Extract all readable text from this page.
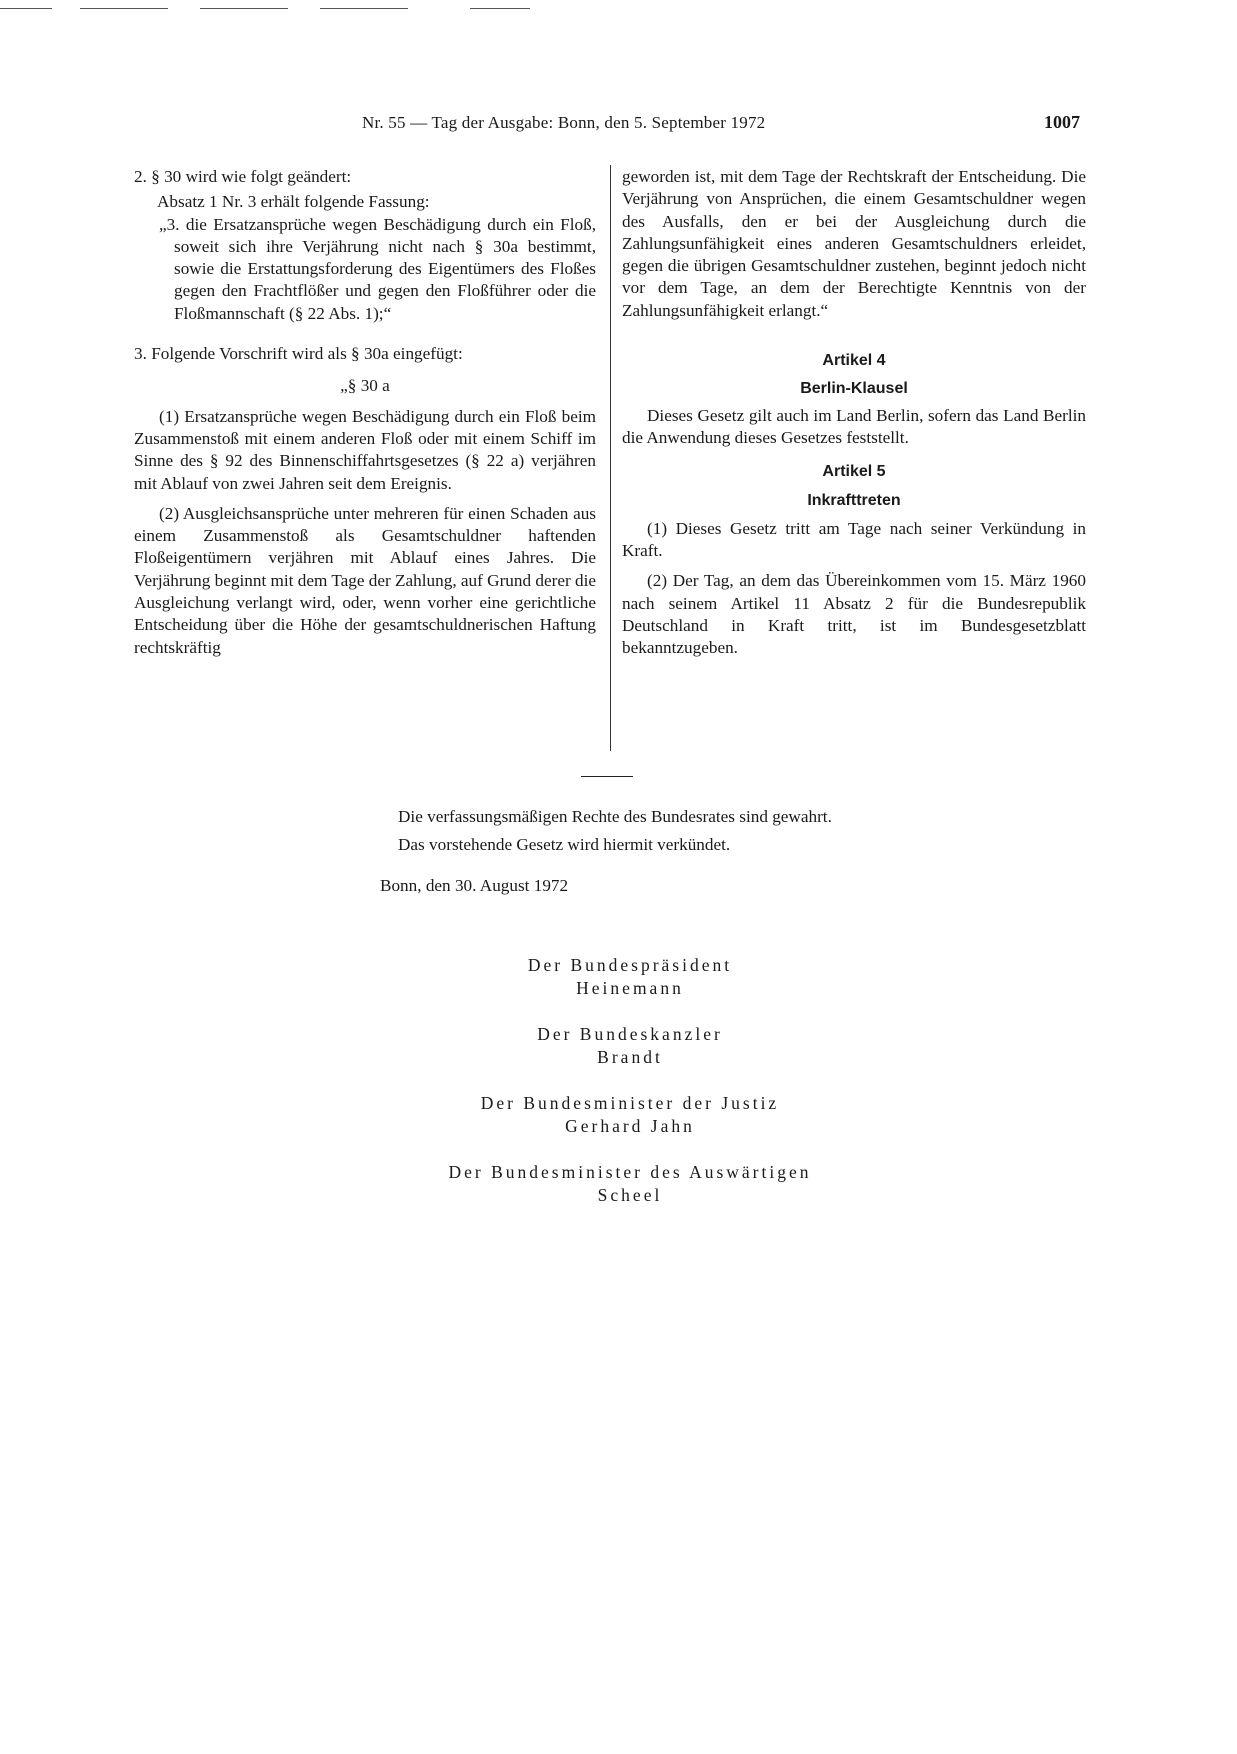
Nr. 55 — Tag der Ausgabe: Bonn, den 5. September 1972	1007

2. § 30 wird wie folgt geändert:

Absatz 1 Nr. 3 erhält folgende Fassung:

„3. die Ersatzansprüche wegen Beschädigung durch ein Floß, soweit sich ihre Verjährung nicht nach § 30a bestimmt, sowie die Erstattungsforderung des Eigentümers des Floßes gegen den Frachtflößer und gegen den Floßführer oder die Floßmannschaft (§ 22 Abs. 1);“

3. Folgende Vorschrift wird als § 30a eingefügt:

„§ 30 a

(1) Ersatzansprüche wegen Beschädigung durch ein Floß beim Zusammenstoß mit einem anderen Floß oder mit einem Schiff im Sinne des § 92 des Binnenschiffahrtsgesetzes (§ 22 a) verjähren mit Ablauf von zwei Jahren seit dem Ereignis.

(2) Ausgleichsansprüche unter mehreren für einen Schaden aus einem Zusammenstoß als Gesamtschuldner haftenden Floßeigentümern verjähren mit Ablauf eines Jahres. Die Verjährung beginnt mit dem Tage der Zahlung, auf Grund derer die Ausgleichung verlangt wird, oder, wenn vorher eine gerichtliche Entscheidung über die Höhe der gesamtschuldnerischen Haftung rechtskräftig

geworden ist, mit dem Tage der Rechtskraft der Entscheidung. Die Verjährung von Ansprüchen, die einem Gesamtschuldner wegen des Ausfalls, den er bei der Ausgleichung durch die Zahlungsunfähigkeit eines anderen Gesamtschuldners erleidet, gegen die übrigen Gesamtschuldner zustehen, beginnt jedoch nicht vor dem Tage, an dem der Berechtigte Kenntnis von der Zahlungsunfähigkeit erlangt.“

Artikel 4

Berlin-Klausel

Dieses Gesetz gilt auch im Land Berlin, sofern das Land Berlin die Anwendung dieses Gesetzes feststellt.

Artikel 5

Inkrafttreten

(1) Dieses Gesetz tritt am Tage nach seiner Verkündung in Kraft.

(2) Der Tag, an dem das Übereinkommen vom 15. März 1960 nach seinem Artikel 11 Absatz 2 für die Bundesrepublik Deutschland in Kraft tritt, ist im Bundesgesetzblatt bekanntzugeben.

Die verfassungsmäßigen Rechte des Bundesrates sind gewahrt.

Das vorstehende Gesetz wird hiermit verkündet.

Bonn, den 30. August 1972

Der Bundespräsident
Heinemann
Der Bundeskanzler
Brandt
Der Bundesminister der Justiz
Gerhard Jahn
Der Bundesminister des Auswärtigen
Scheel
